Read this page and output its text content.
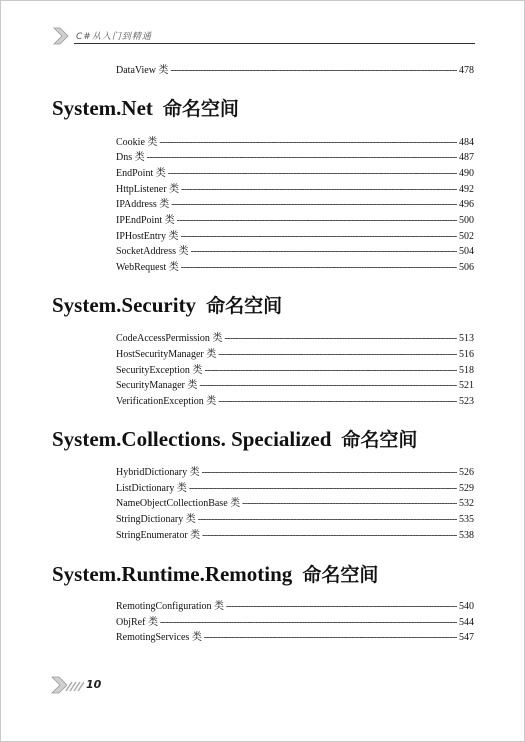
C#从入门到精通
DataView 类 -----	478
System.Net 命名空间
Cookie 类 -----	484
Dns 类 -----	487
EndPoint 类 -----	490
HttpListener 类 -----	492
IPAddress 类 -----	496
IPEndPoint 类 -----	500
IPHostEntry 类 -----	502
SocketAddress 类 -----	504
WebRequest 类 -----	506
System.Security 命名空间
CodeAccessPermission 类 -----	513
HostSecurityManager 类 -----	516
SecurityException 类 -----	518
SecurityManager 类 -----	521
VerificationException 类 -----	523
System.Collections. Specialized 命名空间
HybridDictionary 类 -----	526
ListDictionary 类 -----	529
NameObjectCollectionBase 类 -----	532
StringDictionary 类 -----	535
StringEnumerator 类 -----	538
System.Runtime.Remoting 命名空间
RemotingConfiguration 类 -----	540
ObjRef 类 -----	544
RemotingServices 类 -----	547
10
